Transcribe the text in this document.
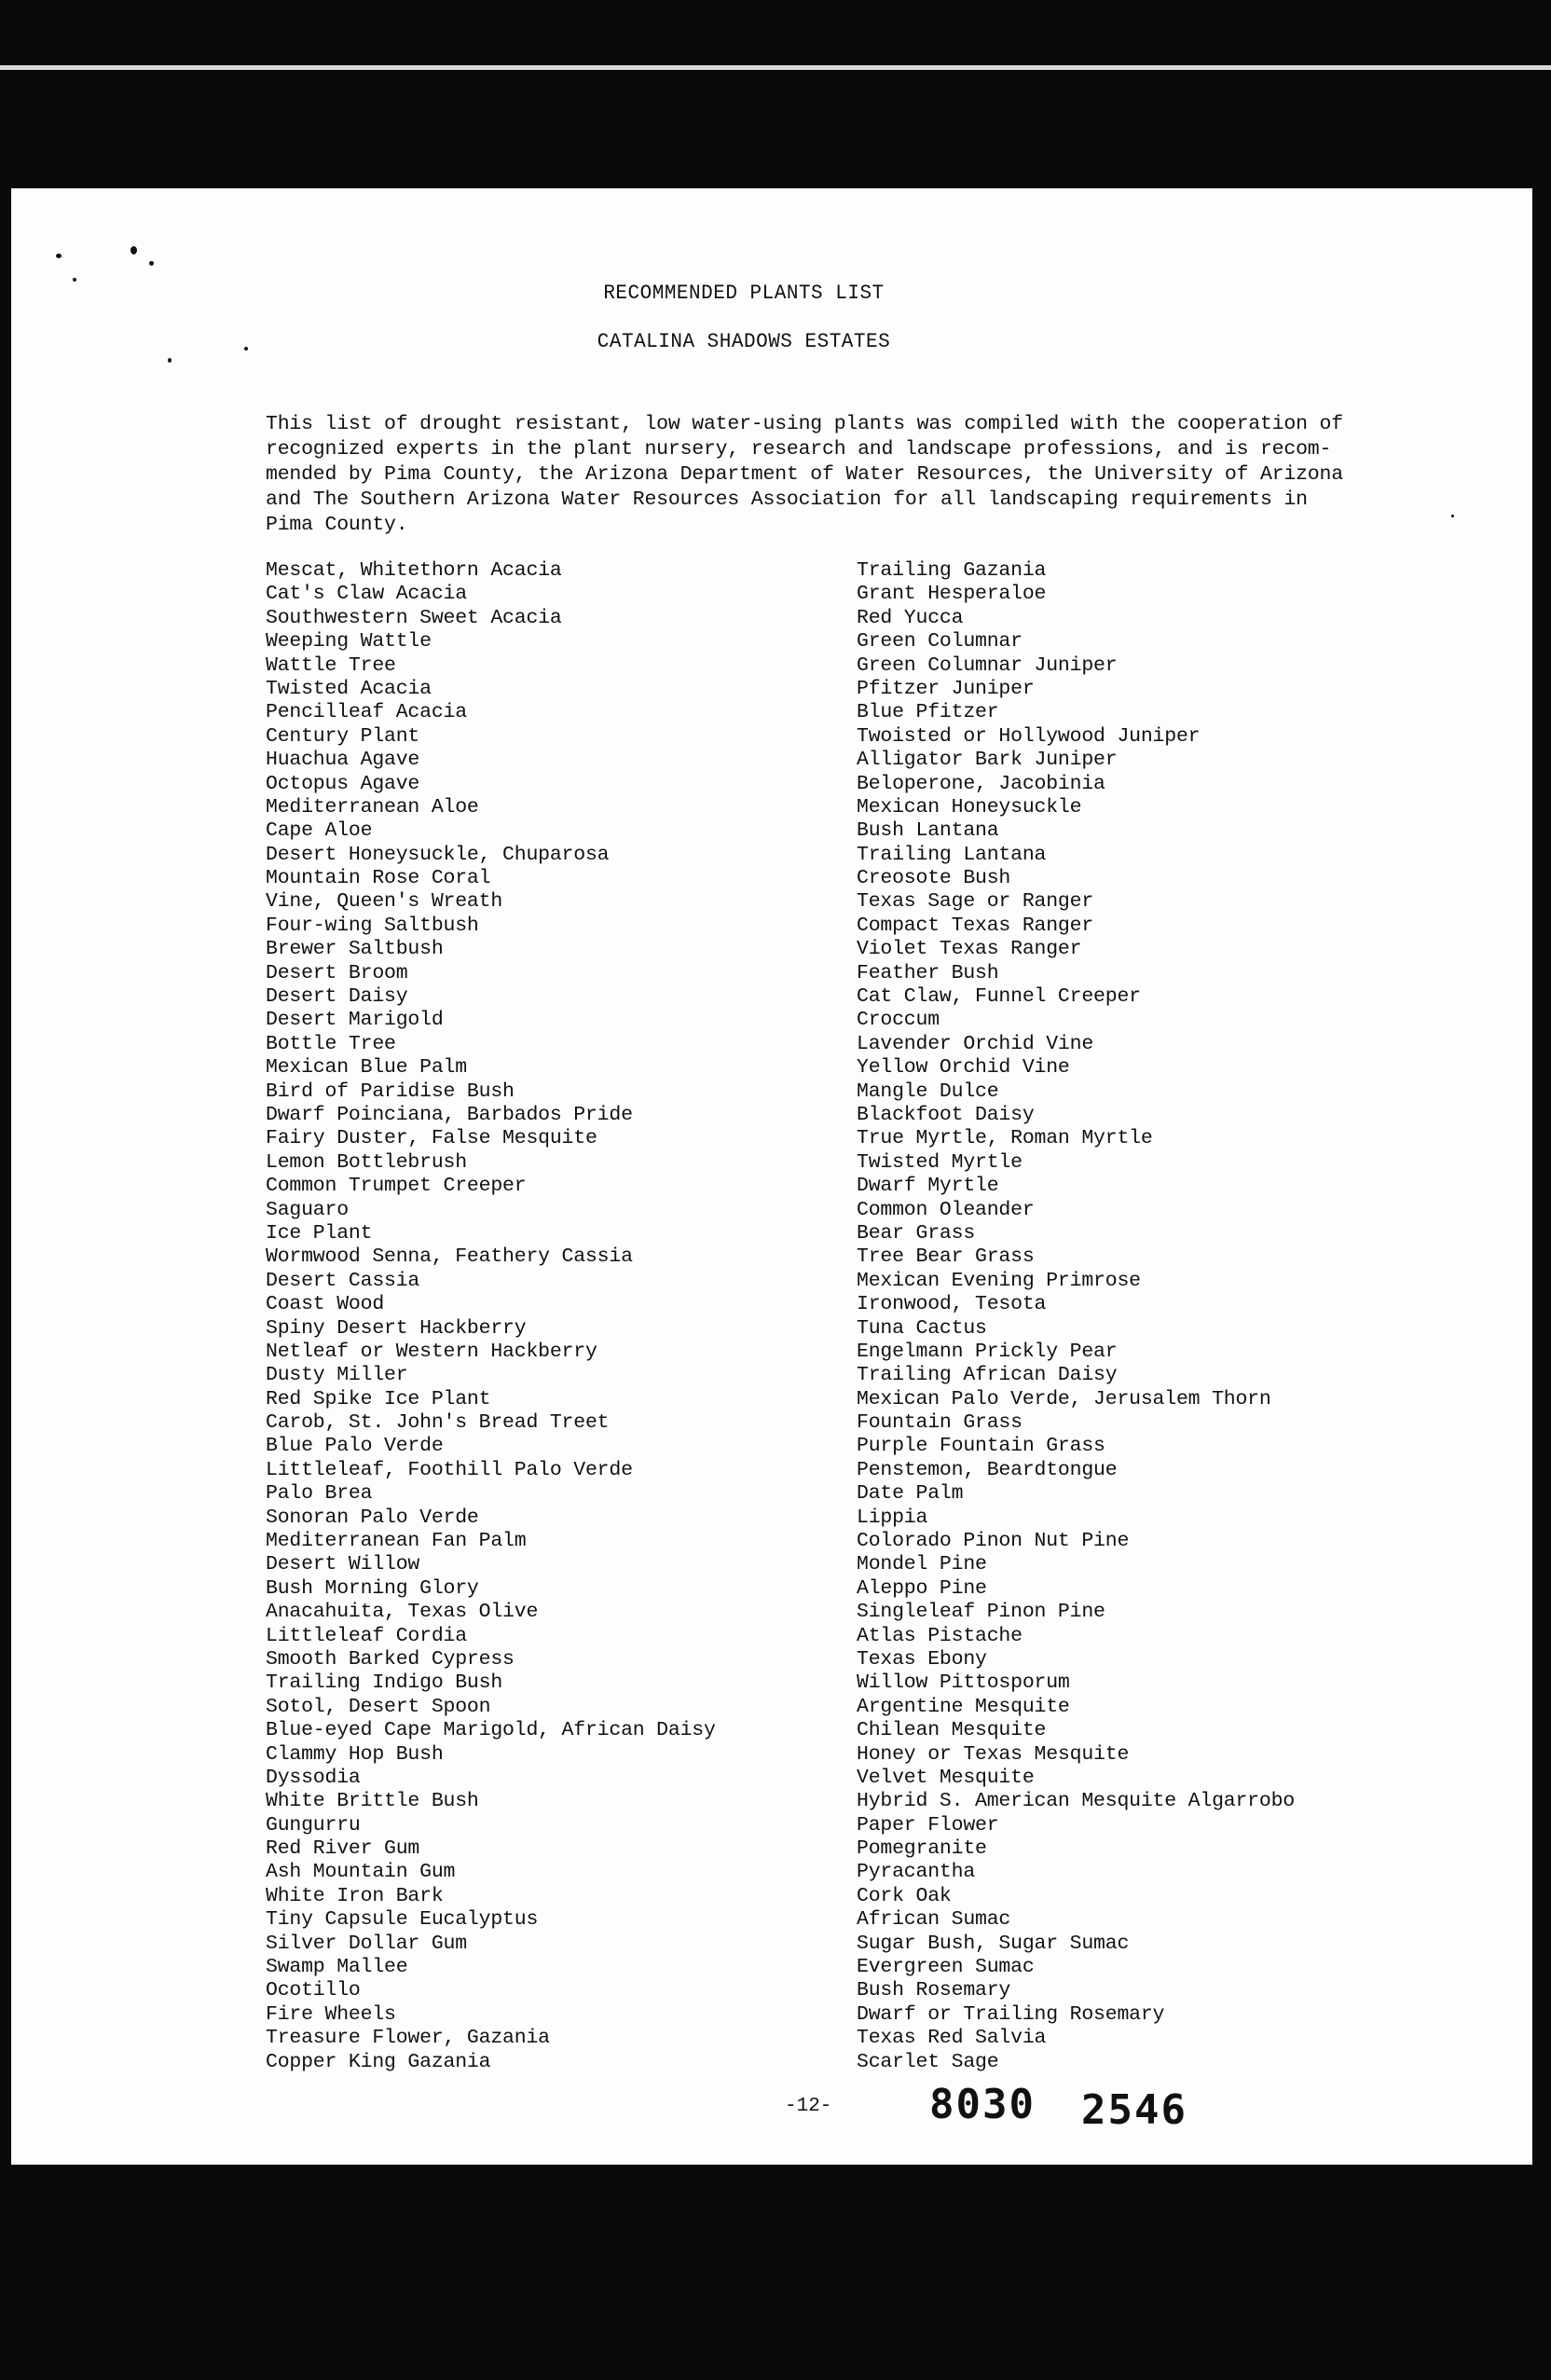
RECOMMENDED PLANTS LIST
CATALINA SHADOWS ESTATES
This list of drought resistant, low water-using plants was compiled with the cooperation of
recognized experts in the plant nursery, research and landscape professions, and is recom-
mended by Pima County, the Arizona Department of Water Resources, the University of Arizona
and The Southern Arizona Water Resources Association for all landscaping requirements in
Pima County.
Mescat, Whitethorn Acacia
Cat's Claw Acacia
Southwestern Sweet Acacia
Weeping Wattle
Wattle Tree
Twisted Acacia
Pencilleaf Acacia
Century Plant
Huachua Agave
Octopus Agave
Mediterranean Aloe
Cape Aloe
Desert Honeysuckle, Chuparosa
Mountain Rose Coral
Vine, Queen's Wreath
Four-wing Saltbush
Brewer Saltbush
Desert Broom
Desert Daisy
Desert Marigold
Bottle Tree
Mexican Blue Palm
Bird of Paridise Bush
Dwarf Poinciana, Barbados Pride
Fairy Duster, False Mesquite
Lemon Bottlebrush
Common Trumpet Creeper
Saguaro
Ice Plant
Wormwood Senna, Feathery Cassia
Desert Cassia
Coast Wood
Spiny Desert Hackberry
Netleaf or Western Hackberry
Dusty Miller
Red Spike Ice Plant
Carob, St. John's Bread Treet
Blue Palo Verde
Littleleaf, Foothill Palo Verde
Palo Brea
Sonoran Palo Verde
Mediterranean Fan Palm
Desert Willow
Bush Morning Glory
Anacahuita, Texas Olive
Littleleaf Cordia
Smooth Barked Cypress
Trailing Indigo Bush
Sotol, Desert Spoon
Blue-eyed Cape Marigold, African Daisy
Clammy Hop Bush
Dyssodia
White Brittle Bush
Gungurru
Red River Gum
Ash Mountain Gum
White Iron Bark
Tiny Capsule Eucalyptus
Silver Dollar Gum
Swamp Mallee
Ocotillo
Fire Wheels
Treasure Flower, Gazania
Copper King Gazania
Trailing Gazania
Grant Hesperaloe
Red Yucca
Green Columnar
Green Columnar Juniper
Pfitzer Juniper
Blue Pfitzer
Twoisted or Hollywood Juniper
Alligator Bark Juniper
Beloperone, Jacobinia
Mexican Honeysuckle
Bush Lantana
Trailing Lantana
Creosote Bush
Texas Sage or Ranger
Compact Texas Ranger
Violet Texas Ranger
Feather Bush
Cat Claw, Funnel Creeper
Croccum
Lavender Orchid Vine
Yellow Orchid Vine
Mangle Dulce
Blackfoot Daisy
True Myrtle, Roman Myrtle
Twisted Myrtle
Dwarf Myrtle
Common Oleander
Bear Grass
Tree Bear Grass
Mexican Evening Primrose
Ironwood, Tesota
Tuna Cactus
Engelmann Prickly Pear
Trailing African Daisy
Mexican Palo Verde, Jerusalem Thorn
Fountain Grass
Purple Fountain Grass
Penstemon, Beardtongue
Date Palm
Lippia
Colorado Pinon Nut Pine
Mondel Pine
Aleppo Pine
Singleleaf Pinon Pine
Atlas Pistache
Texas Ebony
Willow Pittosporum
Argentine Mesquite
Chilean Mesquite
Honey or Texas Mesquite
Velvet Mesquite
Hybrid S. American Mesquite Algarrobo
Paper Flower
Pomegranite
Pyracantha
Cork Oak
African Sumac
Sugar Bush, Sugar Sumac
Evergreen Sumac
Bush Rosemary
Dwarf or Trailing Rosemary
Texas Red Salvia
Scarlet Sage
-12- 8030 2546
